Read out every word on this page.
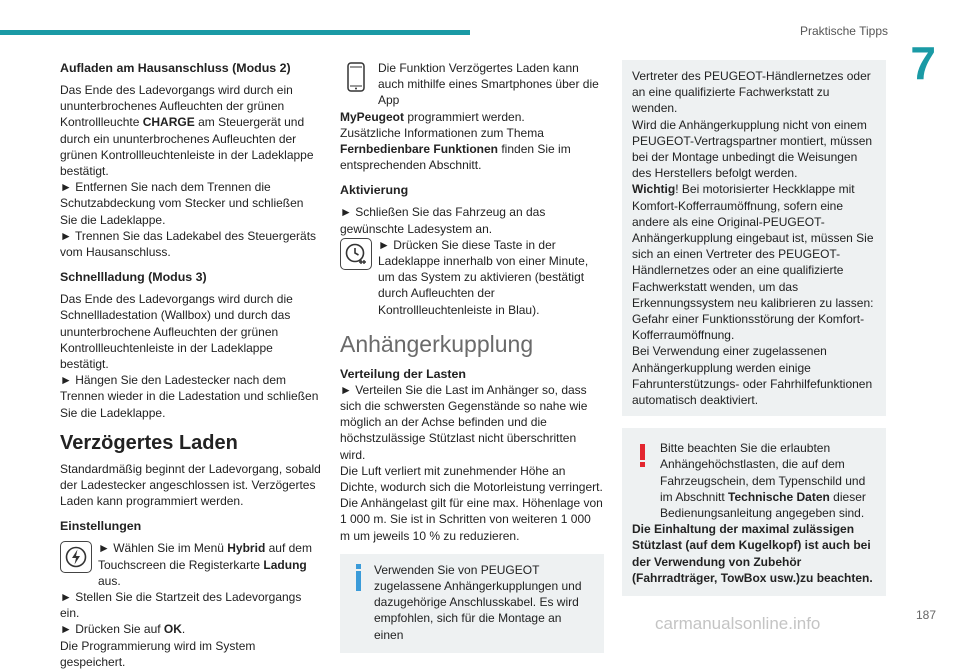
Praktische Tipps
7
Aufladen am Hausanschluss (Modus 2)

Das Ende des Ladevorgangs wird durch ein ununterbrochenes Aufleuchten der grünen Kontrollleuchte CHARGE am Steuergerät und durch ein ununterbrochenes Aufleuchten der grünen Kontrollleuchtenleiste in der Ladeklappe bestätigt.

► Entfernen Sie nach dem Trennen die Schutzabdeckung vom Stecker und schließen Sie die Ladeklappe.

► Trennen Sie das Ladekabel des Steuergeräts vom Hausanschluss.

Schnellladung (Modus 3)

Das Ende des Ladevorgangs wird durch die Schnellladestation (Wallbox) und durch das ununterbrochene Aufleuchten der grünen Kontrollleuchtenleiste in der Ladeklappe bestätigt.

► Hängen Sie den Ladestecker nach dem Trennen wieder in die Ladestation und schließen Sie die Ladeklappe.

Verzögertes Laden

Standardmäßig beginnt der Ladevorgang, sobald der Ladestecker angeschlossen ist. Verzögertes Laden kann programmiert werden.

Einstellungen

► Wählen Sie im Menü Hybrid auf dem Touchscreen die Registerkarte Ladung aus.

► Stellen Sie die Startzeit des Ladevorgangs ein.

► Drücken Sie auf OK.

Die Programmierung wird im System gespeichert.

Die Funktion Verzögertes Laden kann auch mithilfe eines Smartphones über die App

MyPeugeot programmiert werden.

Zusätzliche Informationen zum Thema Fernbedienbare Funktionen finden Sie im entsprechenden Abschnitt.

Aktivierung

► Schließen Sie das Fahrzeug an das gewünschte Ladesystem an.

► Drücken Sie diese Taste in der Ladeklappe innerhalb von einer Minute, um das System zu aktivieren (bestätigt durch Aufleuchten der Kontrollleuchtenleiste in Blau).

Anhängerkupplung
Verteilung der Lasten

► Verteilen Sie die Last im Anhänger so, dass sich die schwersten Gegenstände so nahe wie möglich an der Achse befinden und die höchstzulässige Stützlast nicht überschritten wird.

Die Luft verliert mit zunehmender Höhe an Dichte, wodurch sich die Motorleistung verringert. Die Anhängelast gilt für eine max. Höhenlage von 1 000 m. Sie ist in Schritten von weiteren 1 000 m um jeweils 10 % zu reduzieren.

Verwenden Sie von PEUGEOT zugelassene Anhängerkupplungen und dazugehörige Anschlusskabel. Es wird empfohlen, sich für die Montage an einen

Vertreter des PEUGEOT-Händlernetzes oder an eine qualifizierte Fachwerkstatt zu wenden.

Wird die Anhängerkupplung nicht von einem PEUGEOT-Vertragspartner montiert, müssen bei der Montage unbedingt die Weisungen des Herstellers befolgt werden.

Wichtig! Bei motorisierter Heckklappe mit Komfort-Kofferraumöffnung, sofern eine andere als eine Original-PEUGEOT-Anhängerkupplung eingebaut ist, müssen Sie sich an einen Vertreter des PEUGEOT-Händlernetzes oder an eine qualifizierte Fachwerkstatt wenden, um das Erkennungssystem neu kalibrieren zu lassen: Gefahr einer Funktionsstörung der Komfort-Kofferraumöffnung.

Bei Verwendung einer zugelassenen Anhängerkupplung werden einige Fahrunterstützungs- oder Fahrhilfefunktionen automatisch deaktiviert.

Bitte beachten Sie die erlaubten Anhängehöchstlasten, die auf dem Fahrzeugschein, dem Typenschild und im Abschnitt Technische Daten dieser Bedienungsanleitung angegeben sind.

Die Einhaltung der maximal zulässigen Stützlast (auf dem Kugelkopf) ist auch bei der Verwendung von Zubehör (Fahrradträger, TowBox usw.)zu beachten.

187
carmanualsonline.info
